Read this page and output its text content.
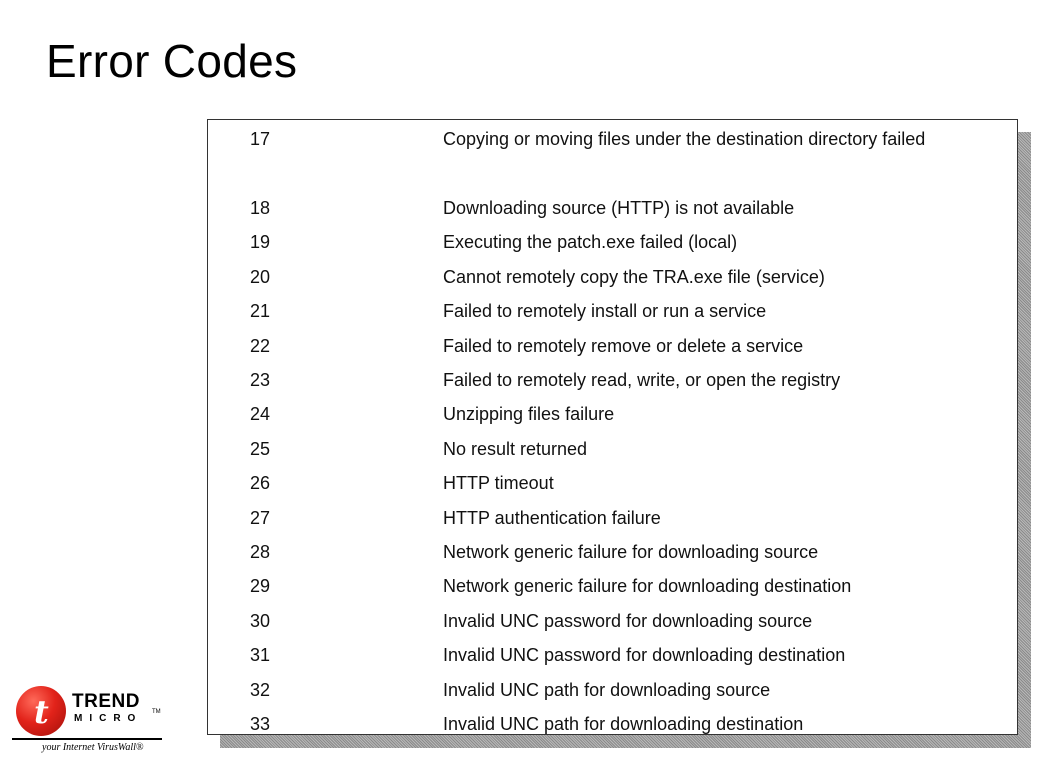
Error Codes
17	Copying or moving files under the destination directory failed
18	Downloading source (HTTP) is not available
19	Executing the patch.exe failed (local)
20	Cannot remotely copy the TRA.exe file (service)
21	Failed to remotely install or run a service
22	Failed to remotely remove or delete a service
23	Failed to remotely read, write, or open the registry
24	Unzipping files failure
25	No result returned
26	HTTP timeout
27	HTTP authentication failure
28	Network generic failure for downloading source
29	Network generic failure for downloading destination
30	Invalid UNC password for downloading source
31	Invalid UNC password for downloading destination
32	Invalid UNC path for downloading source
33	Invalid UNC path for downloading destination
t TREND
MICRO
TM
your Internet VirusWall®
